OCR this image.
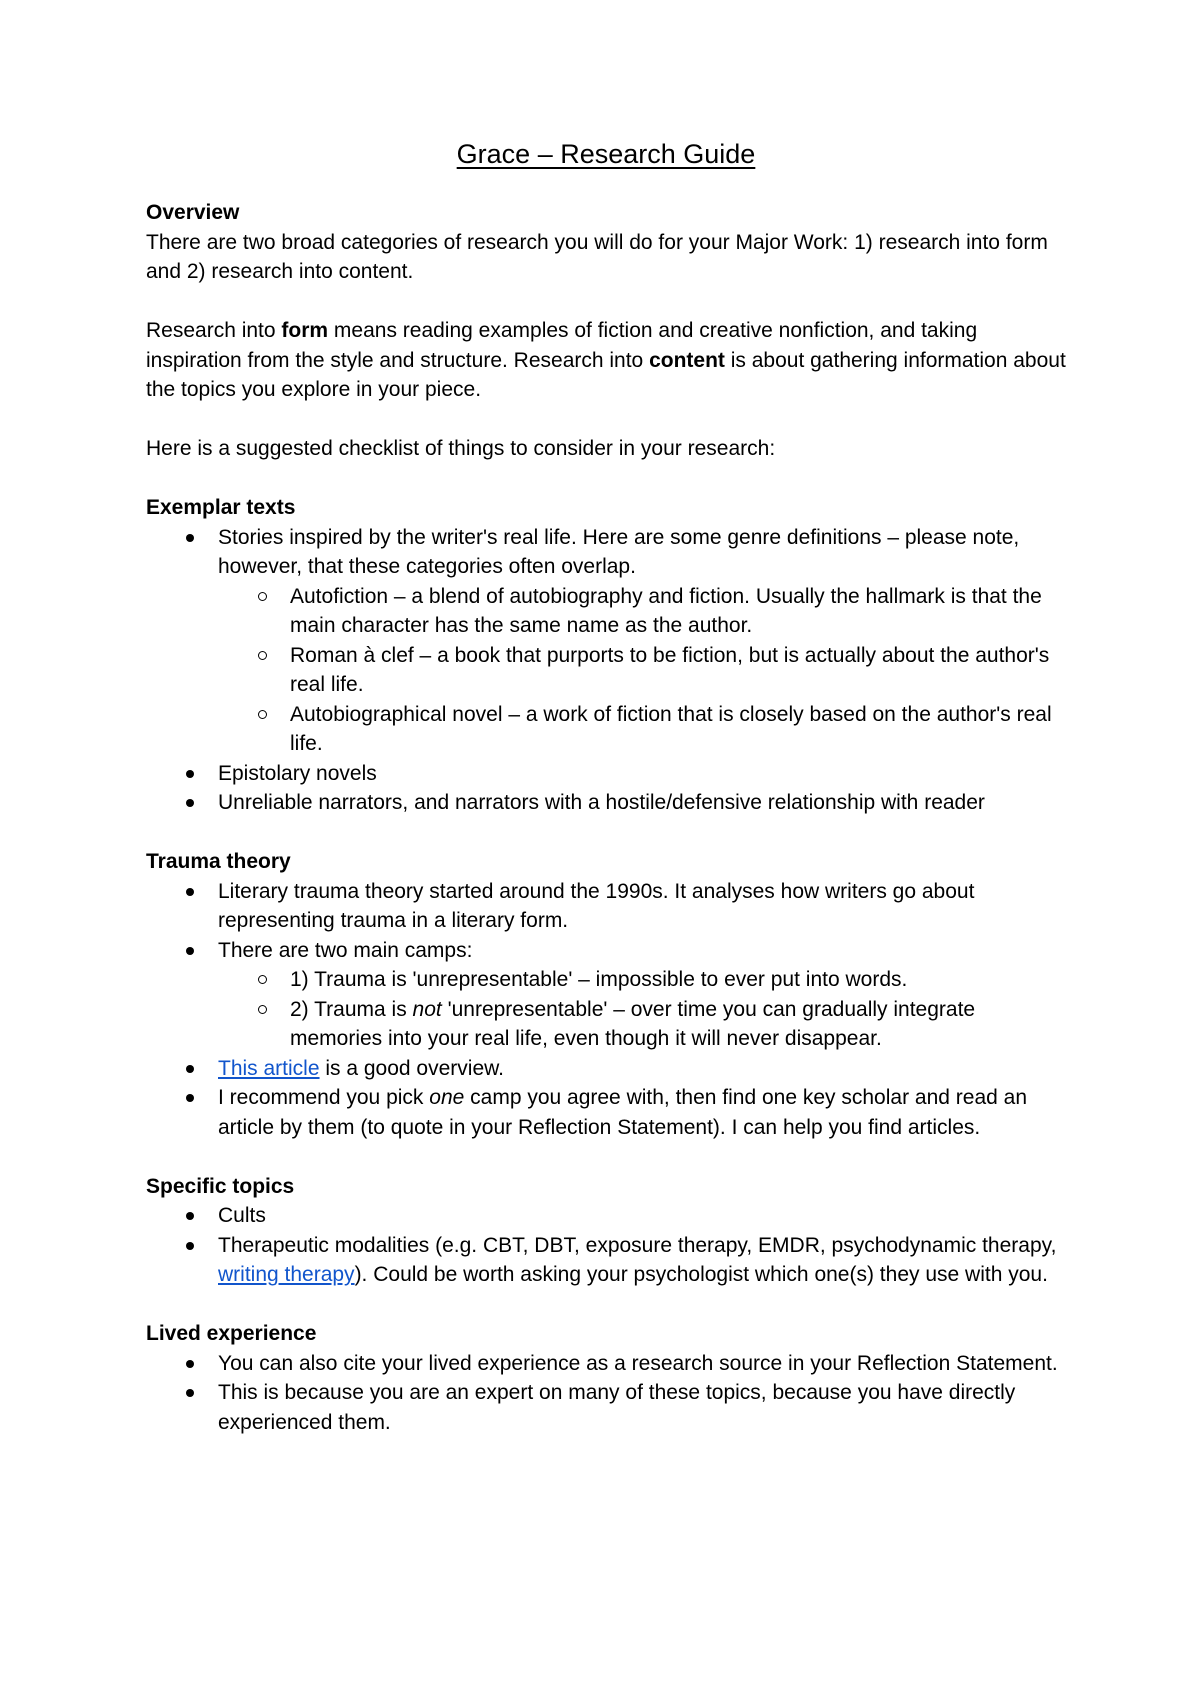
Grace – Research Guide

Overview

There are two broad categories of research you will do for your Major Work: 1) research into form and 2) research into content.

Research into form means reading examples of fiction and creative nonfiction, and taking inspiration from the style and structure. Research into content is about gathering information about the topics you explore in your piece.

Here is a suggested checklist of things to consider in your research:

Exemplar texts

Stories inspired by the writer's real life. Here are some genre definitions – please note, however, that these categories often overlap.
Autofiction – a blend of autobiography and fiction. Usually the hallmark is that the main character has the same name as the author.
Roman à clef – a book that purports to be fiction, but is actually about the author's real life.
Autobiographical novel – a work of fiction that is closely based on the author's real life.
Epistolary novels
Unreliable narrators, and narrators with a hostile/defensive relationship with reader

Trauma theory

Literary trauma theory started around the 1990s. It analyses how writers go about representing trauma in a literary form.
There are two main camps:
1) Trauma is 'unrepresentable' – impossible to ever put into words.
2) Trauma is not 'unrepresentable' – over time you can gradually integrate memories into your real life, even though it will never disappear.
This article is a good overview.
I recommend you pick one camp you agree with, then find one key scholar and read an article by them (to quote in your Reflection Statement). I can help you find articles.

Specific topics

Cults
Therapeutic modalities (e.g. CBT, DBT, exposure therapy, EMDR, psychodynamic therapy, writing therapy). Could be worth asking your psychologist which one(s) they use with you.

Lived experience

You can also cite your lived experience as a research source in your Reflection Statement.
This is because you are an expert on many of these topics, because you have directly experienced them.
